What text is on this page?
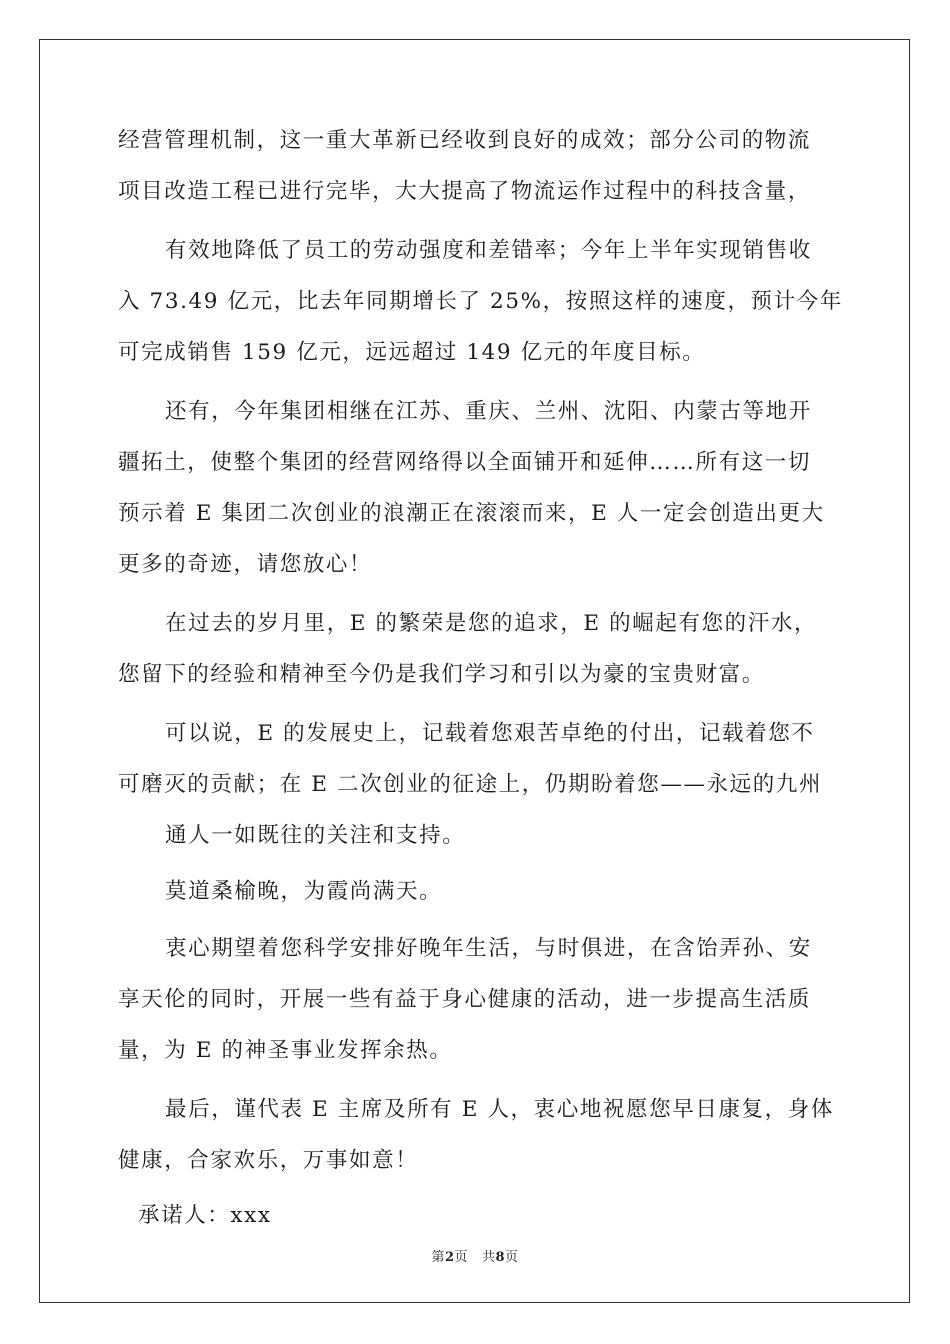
经营管理机制，这一重大革新已经收到良好的成效；部分公司的物流
项目改造工程已进行完毕，大大提高了物流运作过程中的科技含量，
有效地降低了员工的劳动强度和差错率；今年上半年实现销售收
入 73.49 亿元，比去年同期增长了 25%，按照这样的速度，预计今年
可完成销售 159 亿元，远远超过 149 亿元的年度目标。
还有，今年集团相继在江苏、重庆、兰州、沈阳、内蒙古等地开
疆拓土，使整个集团的经营网络得以全面铺开和延伸……所有这一切
预示着 E 集团二次创业的浪潮正在滚滚而来，E 人一定会创造出更大
更多的奇迹，请您放心！
在过去的岁月里，E 的繁荣是您的追求，E 的崛起有您的汗水，
您留下的经验和精神至今仍是我们学习和引以为豪的宝贵财富。
可以说，E 的发展史上，记载着您艰苦卓绝的付出，记载着您不
可磨灭的贡献；在 E 二次创业的征途上，仍期盼着您——永远的九州
通人一如既往的关注和支持。
莫道桑榆晚，为霞尚满天。
衷心期望着您科学安排好晚年生活，与时俱进，在含饴弄孙、安
享天伦的同时，开展一些有益于身心健康的活动，进一步提高生活质
量，为 E 的神圣事业发挥余热。
最后，谨代表 E 主席及所有 E 人，衷心地祝愿您早日康复，身体
健康，合家欢乐，万事如意！
承诺人：xxx
第2页 共8页
